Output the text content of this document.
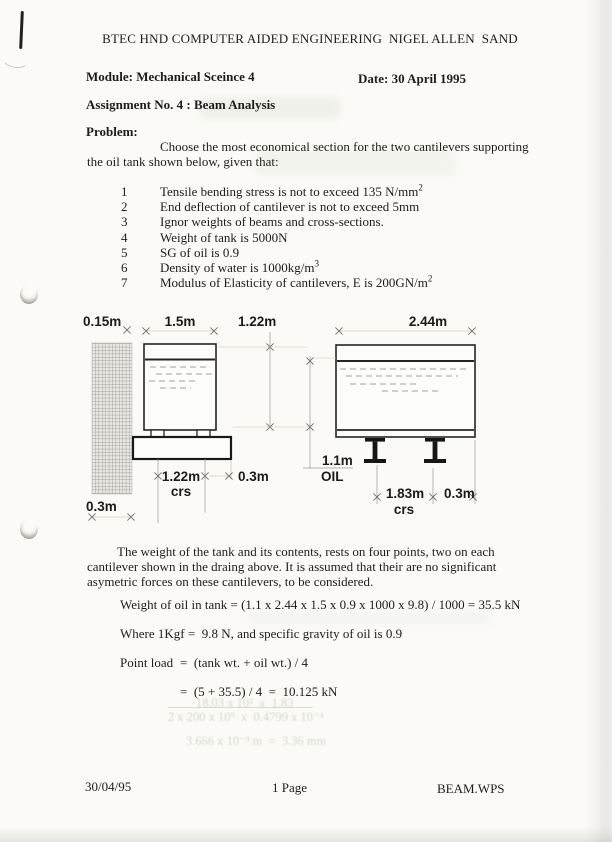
BTEC HND COMPUTER AIDED ENGINEERING  NIGEL ALLEN  SAND
Module: Mechanical Sceince 4	Date: 30 April 1995
Assignment No. 4 : Beam Analysis
Problem:
Choose the most economical section for the two cantilevers supporting
the oil tank shown below, given that:
1	Tensile bending stress is not to exceed 135 $N/mm^2$
2	End deflection of cantilever is not to exceed 5mm
3	Ignor weights of beams and cross-sections.
4	Weight of tank is 5000N
5	SG of oil is 0.9
6	Density of water is $1000kg/m^3$
7	Modulus of Elasticity of cantilevers, E is $200GN/m^2$
0.15m	1.5m	1.22m
1.22m
crs
0.3m
0.3m
2.44m
1.1m
OIL
1.83m 0.3m
crs
The weight of the tank and its contents, rests on four points, two on each
cantilever shown in the draing above. It is assumed that their are no significant
asymetric forces on these cantilevers, to be considered.
Weight of oil in tank = (1.1 x 2.44 x 1.5 x 0.9 x 1000 x 9.8) / 1000 = 35.5 kN
Where 1Kgf =  9.8 N, and specific gravity of oil is 0.9
Point load =  (tank wt. + oil wt.) / 4
=  (5 + 35.5) / 4  =  10.125 kN
18.03 x 10²  x  1.83
2 x 200 x 10⁹  x  0.4799 x 10⁻⁴
3.666 x 10⁻³ m  =  3.36 mm
30/04/95	1 Page	BEAM.WPS
